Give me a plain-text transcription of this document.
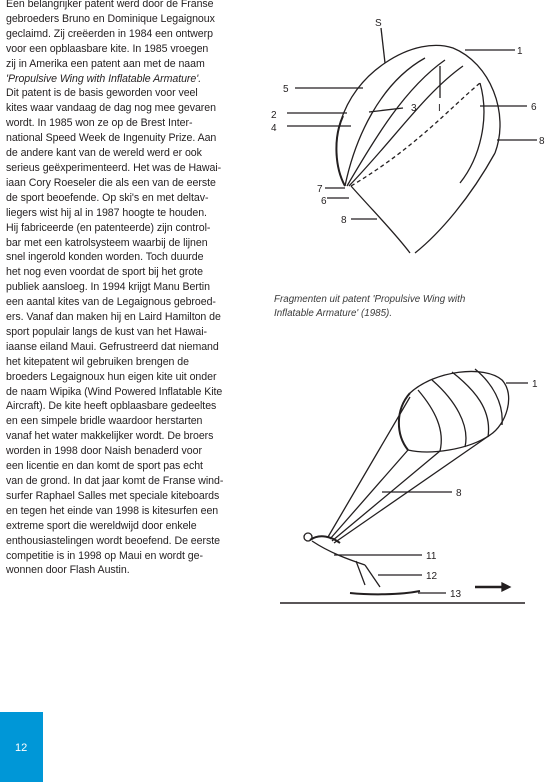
Een belangrijker patent werd door de Franse
gebroeders Bruno en Dominique Legaignoux
geclaimd. Zij creëerden in 1984 een ontwerp
voor een opblaasbare kite. In 1985 vroegen
zij in Amerika een patent aan met de naam
'Propulsive Wing with Inflatable Armature'.
Dit patent is de basis geworden voor veel
kites waar vandaag de dag nog mee gevaren
wordt. In 1985 won ze op de Brest Inter-
national Speed Week de Ingenuity Prize. Aan
de andere kant van de wereld werd er ook
serieus geëxperimenteerd. Het was de Hawai-
iaan Cory Roeseler die als een van de eerste
de sport beoefende. Op ski's en met deltav-
liegers wist hij al in 1987 hoogte te houden.
Hij fabriceerde (en patenteerde) zijn control-
bar met een katrolsysteem waarbij de lijnen
snel ingerold konden worden. Toch duurde
het nog even voordat de sport bij het grote
publiek aansloeg. In 1994 krijgt Manu Bertin
een aantal kites van de Legaignous gebroed-
ers. Vanaf dan maken hij en Laird Hamilton de
sport populair langs de kust van het Hawai-
iaanse eiland Maui. Gefrustreerd dat niemand
het kitepatent wil gebruiken brengen de
broeders Legaignoux hun eigen kite uit onder
de naam Wipika (Wind Powered Inflatable Kite
Aircraft). De kite heeft opblaasbare gedeeltes
en een simpele bridle waardoor herstarten
vanaf het water makkelijker wordt. De broers
worden in 1998 door Naish benaderd voor
een licentie en dan komt de sport pas echt
van de grond. In dat jaar komt de Franse wind-
surfer Raphael Salles met speciale kiteboards
en tegen het einde van 1998 is kitesurfen een
extreme sport die wereldwijd door enkele
enthousiastelingen wordt beoefend. De eerste
competitie is in 1998 op Maui en wordt ge-
wonnen door Flash Austin.
S
1
5
3 I	6
2
4
8
7
6
8
Fragmenten uit patent 'Propulsive Wing with
Inflatable Armature' (1985).
1
8
11
12
13
12
